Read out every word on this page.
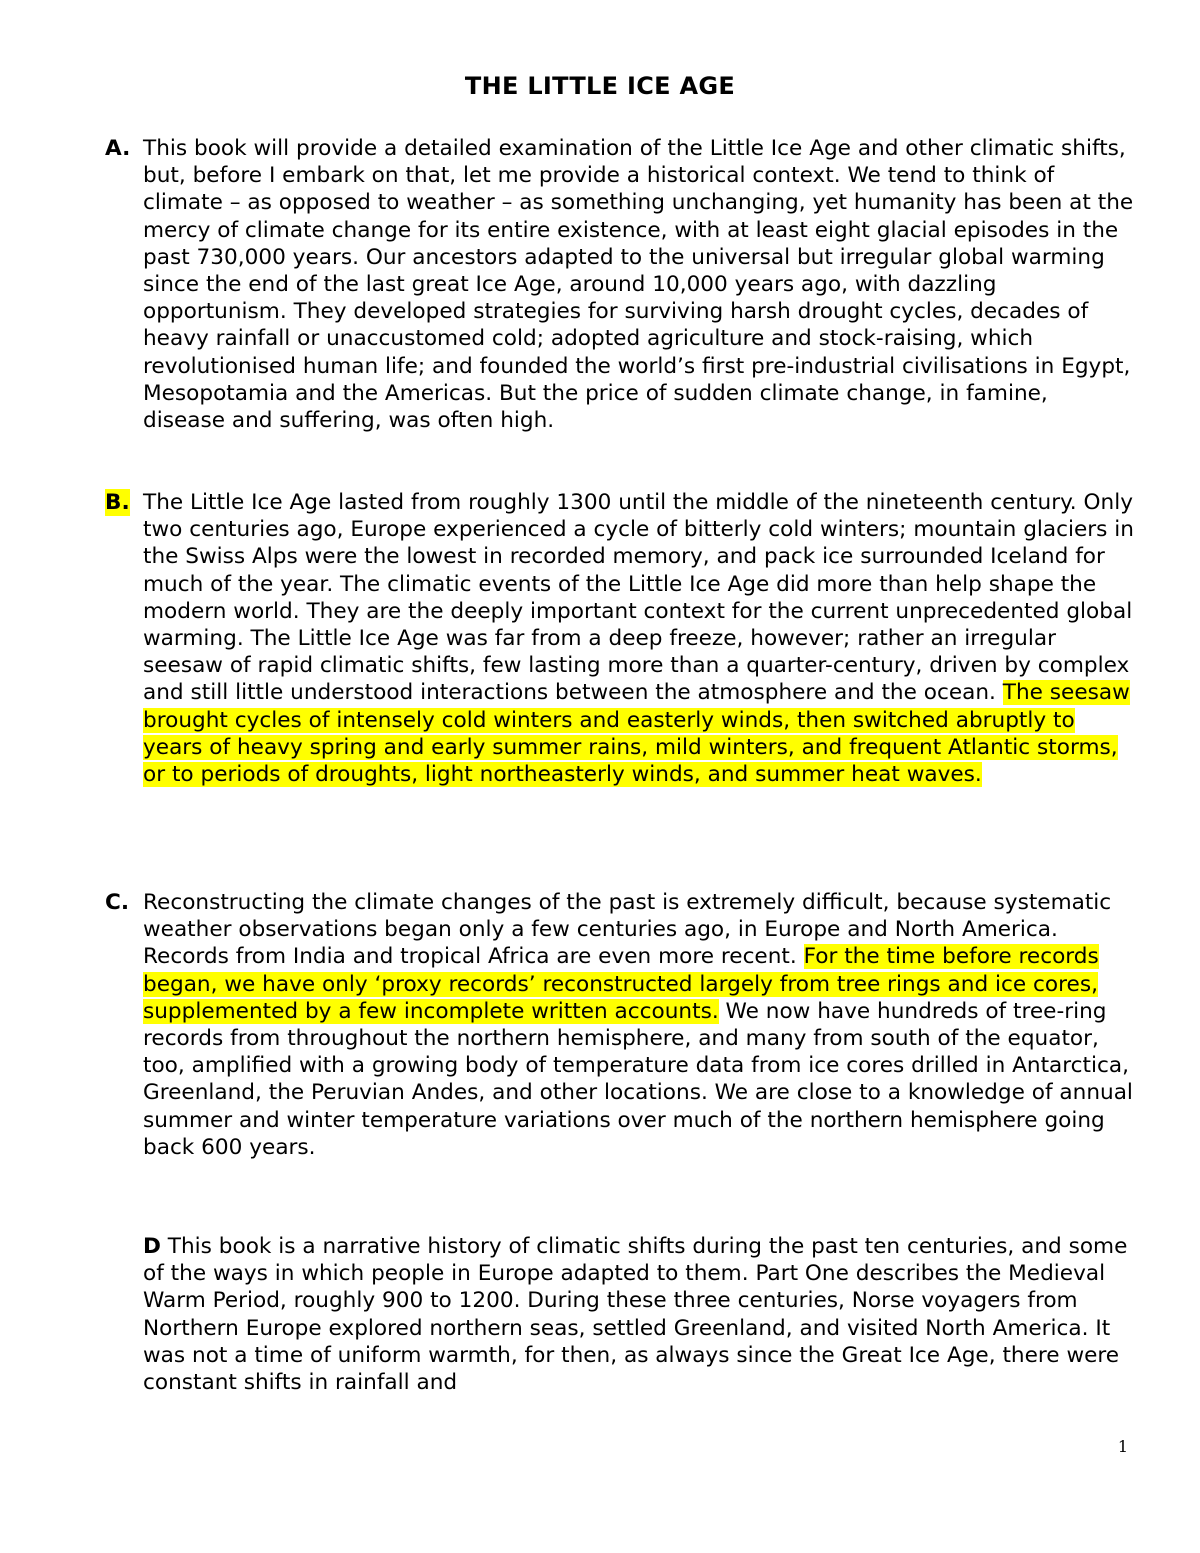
THE LITTLE ICE AGE
A. This book will provide a detailed examination of the Little Ice Age and other climatic shifts, but, before I embark on that, let me provide a historical context. We tend to think of climate – as opposed to weather – as something unchanging, yet humanity has been at the mercy of climate change for its entire existence, with at least eight glacial episodes in the past 730,000 years. Our ancestors adapted to the universal but irregular global warming since the end of the last great Ice Age, around 10,000 years ago, with dazzling opportunism. They developed strategies for surviving harsh drought cycles, decades of heavy rainfall or unaccustomed cold; adopted agriculture and stock-raising, which revolutionised human life; and founded the world’s first pre-industrial civilisations in Egypt, Mesopotamia and the Americas. But the price of sudden climate change, in famine, disease and suffering, was often high.
B. The Little Ice Age lasted from roughly 1300 until the middle of the nineteenth century. Only two centuries ago, Europe experienced a cycle of bitterly cold winters; mountain glaciers in the Swiss Alps were the lowest in recorded memory, and pack ice surrounded Iceland for much of the year. The climatic events of the Little Ice Age did more than help shape the modern world. They are the deeply important context for the current unprecedented global warming. The Little Ice Age was far from a deep freeze, however; rather an irregular seesaw of rapid climatic shifts, few lasting more than a quarter-century, driven by complex and still little understood interactions between the atmosphere and the ocean. The seesaw brought cycles of intensely cold winters and easterly winds, then switched abruptly to years of heavy spring and early summer rains, mild winters, and frequent Atlantic storms, or to periods of droughts, light northeasterly winds, and summer heat waves.
C. Reconstructing the climate changes of the past is extremely difficult, because systematic weather observations began only a few centuries ago, in Europe and North America. Records from India and tropical Africa are even more recent. For the time before records began, we have only ‘proxy records’ reconstructed largely from tree rings and ice cores, supplemented by a few incomplete written accounts. We now have hundreds of tree-ring records from throughout the northern hemisphere, and many from south of the equator, too, amplified with a growing body of temperature data from ice cores drilled in Antarctica, Greenland, the Peruvian Andes, and other locations. We are close to a knowledge of annual summer and winter temperature variations over much of the northern hemisphere going back 600 years.
D This book is a narrative history of climatic shifts during the past ten centuries, and some of the ways in which people in Europe adapted to them. Part One describes the Medieval Warm Period, roughly 900 to 1200. During these three centuries, Norse voyagers from Northern Europe explored northern seas, settled Greenland, and visited North America. It was not a time of uniform warmth, for then, as always since the Great Ice Age, there were constant shifts in rainfall and
1
